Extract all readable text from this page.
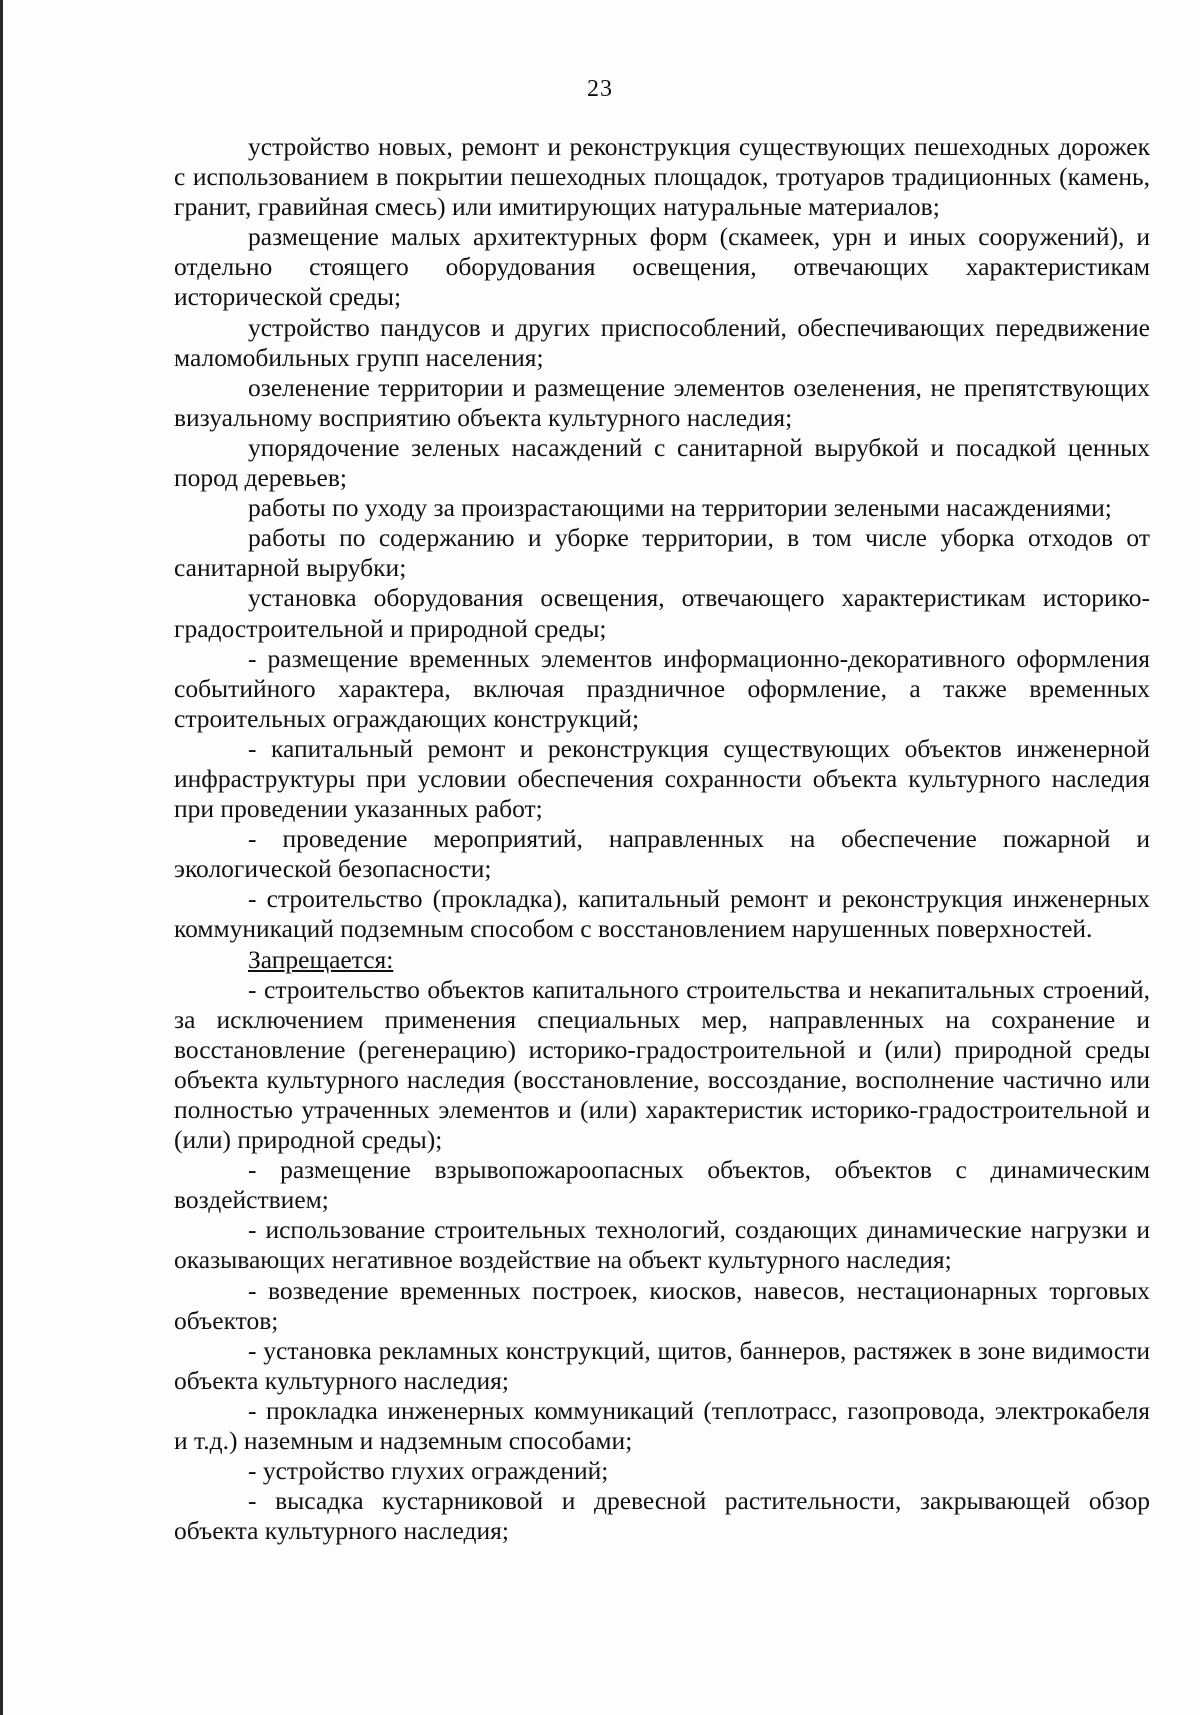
23

устройство новых, ремонт и реконструкция существующих пешеходных дорожек с использованием в покрытии пешеходных площадок, тротуаров традиционных (камень, гранит, гравийная смесь) или имитирующих натуральные материалов;

размещение малых архитектурных форм (скамеек, урн и иных сооружений), и отдельно стоящего оборудования освещения, отвечающих характеристикам исторической среды;

устройство пандусов и других приспособлений, обеспечивающих передвижение маломобильных групп населения;

озеленение территории и размещение элементов озеленения, не препятствующих визуальному восприятию объекта культурного наследия;

упорядочение зеленых насаждений с санитарной вырубкой и посадкой ценных пород деревьев;

работы по уходу за произрастающими на территории зелеными насаждениями;

работы по содержанию и уборке территории, в том числе уборка отходов от санитарной вырубки;

установка оборудования освещения, отвечающего характеристикам историко-градостроительной и природной среды;

- размещение временных элементов информационно-декоративного оформления событийного характера, включая праздничное оформление, а также временных строительных ограждающих конструкций;

- капитальный ремонт и реконструкция существующих объектов инженерной инфраструктуры при условии обеспечения сохранности объекта культурного наследия при проведении указанных работ;

- проведение мероприятий, направленных на обеспечение пожарной и экологической безопасности;

- строительство (прокладка), капитальный ремонт и реконструкция инженерных коммуникаций подземным способом с восстановлением нарушенных поверхностей.

Запрещается:

- строительство объектов капитального строительства и некапитальных строений, за исключением применения специальных мер, направленных на сохранение и восстановление (регенерацию) историко-градостроительной и (или) природной среды объекта культурного наследия (восстановление, воссоздание, восполнение частично или полностью утраченных элементов и (или) характеристик историко-градостроительной и (или) природной среды);

- размещение взрывопожароопасных объектов, объектов с динамическим воздействием;

- использование строительных технологий, создающих динамические нагрузки и оказывающих негативное воздействие на объект культурного наследия;

- возведение временных построек, киосков, навесов, нестационарных торговых объектов;

- установка рекламных конструкций, щитов, баннеров, растяжек в зоне видимости объекта культурного наследия;

- прокладка инженерных коммуникаций (теплотрасс, газопровода, электрокабеля и т.д.) наземным и надземным способами;

- устройство глухих ограждений;

- высадка кустарниковой и древесной растительности, закрывающей обзор объекта культурного наследия;
